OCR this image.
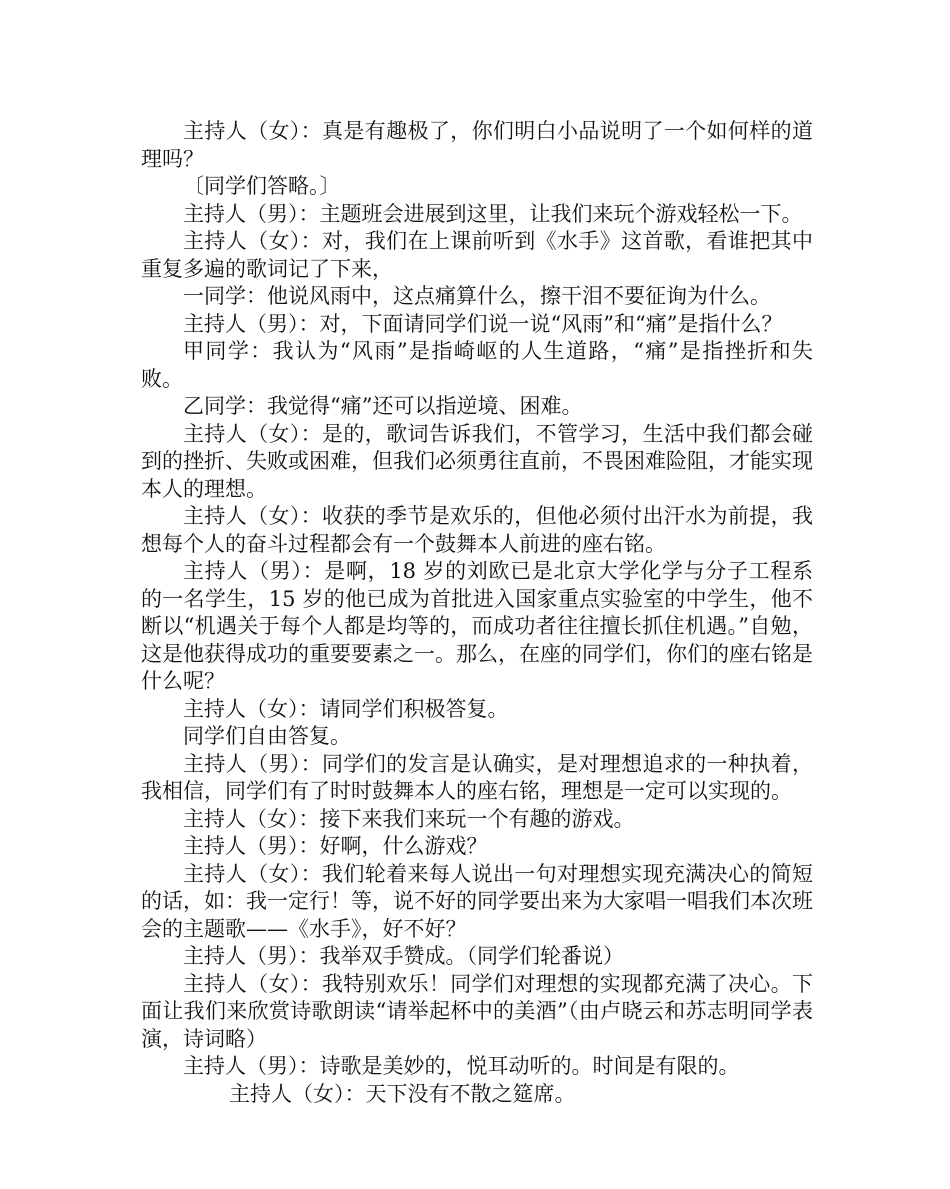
主持人（女）：真是有趣极了，你们明白小品说明了一个如何样的道理吗？

〔同学们答略。〕

主持人（男）：主题班会进展到这里，让我们来玩个游戏轻松一下。

主持人（女）：对，我们在上课前听到《水手》这首歌，看谁把其中重复多遍的歌词记了下来，

一同学：他说风雨中，这点痛算什么，擦干泪不要征询为什么。

主持人（男）：对，下面请同学们说一说“风雨”和“痛”是指什么？

甲同学：我认为“风雨”是指崎岖的人生道路，“痛”是指挫折和失败。

乙同学：我觉得“痛”还可以指逆境、困难。

主持人（女）：是的，歌词告诉我们，不管学习，生活中我们都会碰到的挫折、失败或困难，但我们必须勇往直前，不畏困难险阻，才能实现本人的理想。

主持人（女）：收获的季节是欢乐的，但他必须付出汗水为前提，我想每个人的奋斗过程都会有一个鼓舞本人前进的座右铭。

主持人（男）：是啊，18 岁的刘欧已是北京大学化学与分子工程系的一名学生，15 岁的他已成为首批进入国家重点实验室的中学生，他不断以“机遇关于每个人都是均等的，而成功者往往擅长抓住机遇。”自勉，这是他获得成功的重要要素之一。那么，在座的同学们，你们的座右铭是什么呢？

主持人（女）：请同学们积极答复。

同学们自由答复。

主持人（男）：同学们的发言是认确实，是对理想追求的一种执着，我相信，同学们有了时时鼓舞本人的座右铭，理想是一定可以实现的。

主持人（女）：接下来我们来玩一个有趣的游戏。

主持人（男）：好啊，什么游戏？

主持人（女）：我们轮着来每人说出一句对理想实现充满决心的简短的话，如：我一定行！等，说不好的同学要出来为大家唱一唱我们本次班会的主题歌——《水手》，好不好？

主持人（男）：我举双手赞成。（同学们轮番说）

主持人（女）：我特别欢乐！同学们对理想的实现都充满了决心。下面让我们来欣赏诗歌朗读“请举起杯中的美酒”（由卢晓云和苏志明同学表演，诗词略）

主持人（男）：诗歌是美妙的，悦耳动听的。时间是有限的。

主持人（女）：天下没有不散之筵席。
